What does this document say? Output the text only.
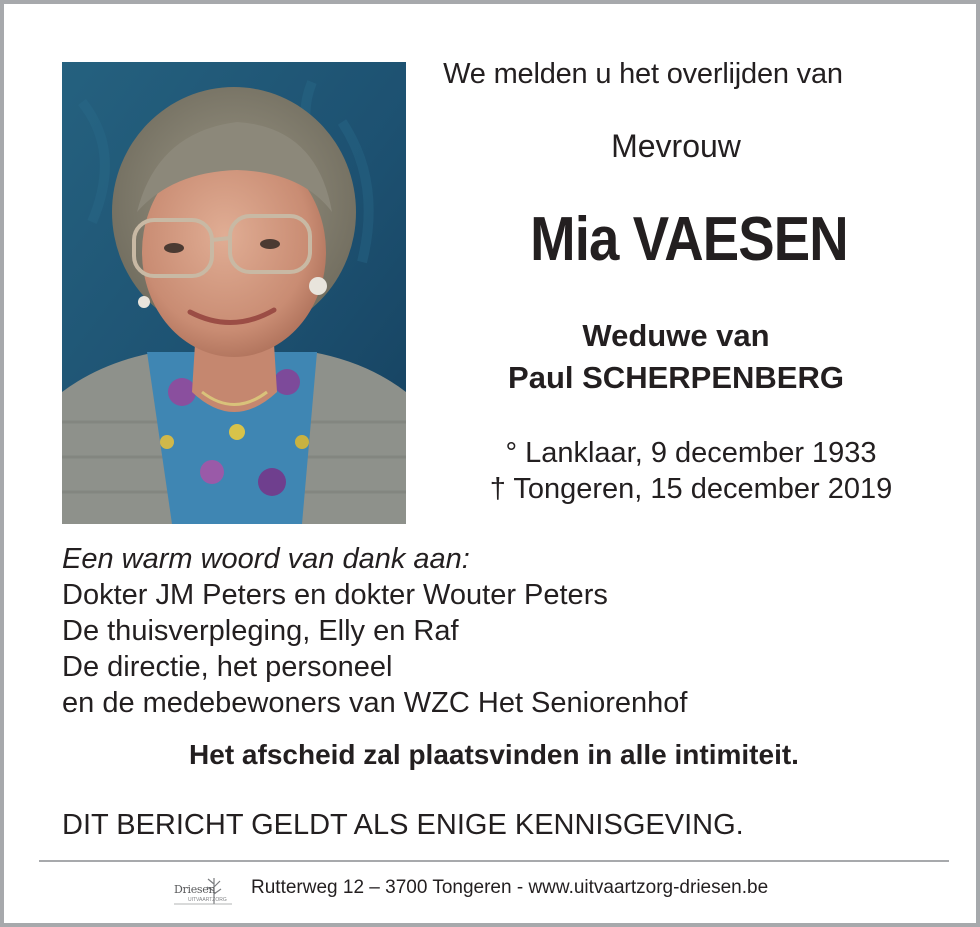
We melden u het overlijden van
Mevrouw
Mia VAESEN
Weduwe van
Paul SCHERPENBERG
° Lanklaar, 9 december 1933
† Tongeren, 15 december 2019
Een warm woord van dank aan:
Dokter JM Peters en dokter Wouter Peters
De thuisverpleging, Elly en Raf
De directie, het personeel
en de medebewoners van WZC Het Seniorenhof
Het afscheid zal plaatsvinden in alle intimiteit.
DIT BERICHT GELDT ALS ENIGE KENNISGEVING.
Driesen
UITVAARTZORG
Rutterweg 12 – 3700 Tongeren - www.uitvaartzorg-driesen.be
